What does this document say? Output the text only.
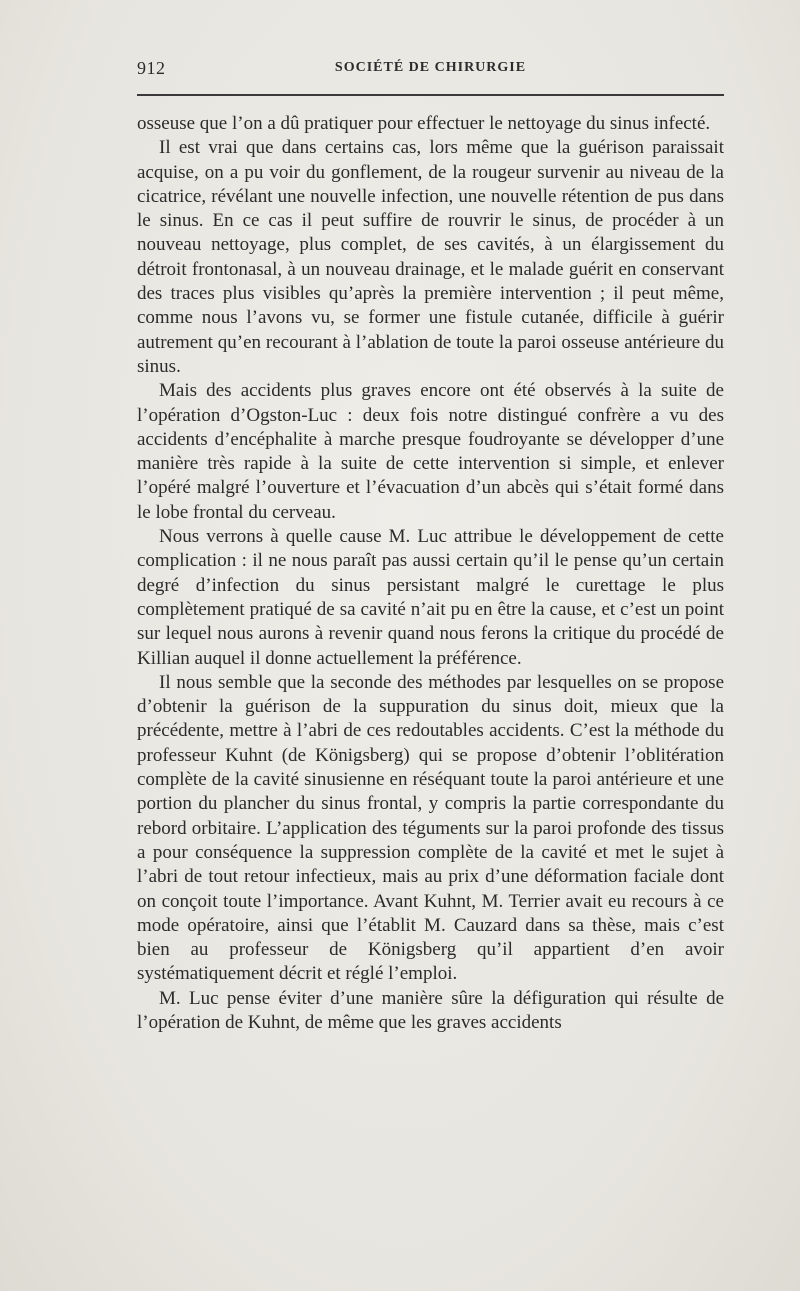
912	SOCIÉTÉ DE CHIRURGIE

osseuse que l’on a dû pratiquer pour effectuer le nettoyage du sinus infecté.

Il est vrai que dans certains cas, lors même que la guérison paraissait acquise, on a pu voir du gonflement, de la rougeur survenir au niveau de la cicatrice, révélant une nouvelle infection, une nouvelle rétention de pus dans le sinus. En ce cas il peut suffire de rouvrir le sinus, de procéder à un nouveau nettoyage, plus complet, de ses cavités, à un élargissement du détroit frontonasal, à un nouveau drainage, et le malade guérit en conservant des traces plus visibles qu’après la première intervention ; il peut même, comme nous l’avons vu, se former une fistule cutanée, difficile à guérir autrement qu’en recourant à l’ablation de toute la paroi osseuse antérieure du sinus.

Mais des accidents plus graves encore ont été observés à la suite de l’opération d’Ogston-Luc : deux fois notre distingué confrère a vu des accidents d’encéphalite à marche presque foudroyante se développer d’une manière très rapide à la suite de cette intervention si simple, et enlever l’opéré malgré l’ouverture et l’évacuation d’un abcès qui s’était formé dans le lobe frontal du cerveau.

Nous verrons à quelle cause M. Luc attribue le développement de cette complication : il ne nous paraît pas aussi certain qu’il le pense qu’un certain degré d’infection du sinus persistant malgré le curettage le plus complètement pratiqué de sa cavité n’ait pu en être la cause, et c’est un point sur lequel nous aurons à revenir quand nous ferons la critique du procédé de Killian auquel il donne actuellement la préférence.

Il nous semble que la seconde des méthodes par lesquelles on se propose d’obtenir la guérison de la suppuration du sinus doit, mieux que la précédente, mettre à l’abri de ces redoutables accidents. C’est la méthode du professeur Kuhnt (de Königsberg) qui se propose d’obtenir l’oblitération complète de la cavité sinusienne en réséquant toute la paroi antérieure et une portion du plancher du sinus frontal, y compris la partie correspondante du rebord orbitaire. L’application des téguments sur la paroi profonde des tissus a pour conséquence la suppression complète de la cavité et met le sujet à l’abri de tout retour infectieux, mais au prix d’une déformation faciale dont on conçoit toute l’importance. Avant Kuhnt, M. Terrier avait eu recours à ce mode opératoire, ainsi que l’établit M. Cauzard dans sa thèse, mais c’est bien au professeur de Königsberg qu’il appartient d’en avoir systématiquement décrit et réglé l’emploi.

M. Luc pense éviter d’une manière sûre la défiguration qui résulte de l’opération de Kuhnt, de même que les graves accidents
